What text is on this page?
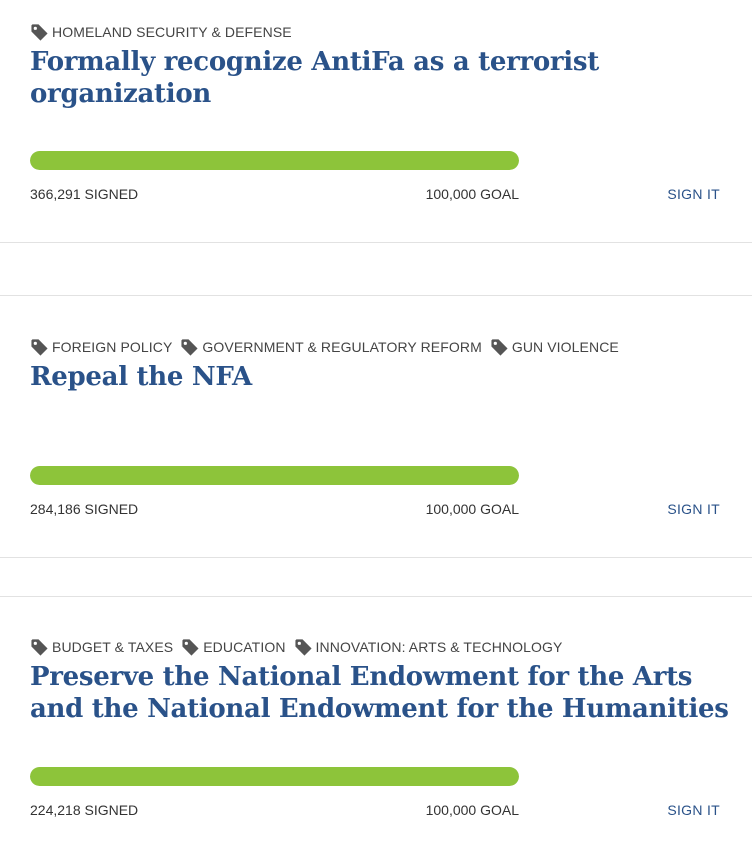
HOMELAND SECURITY & DEFENSE
Formally recognize AntiFa as a terrorist organization
366,291 SIGNED	100,000 GOAL	SIGN IT
FOREIGN POLICY GOVERNMENT & REGULATORY REFORM GUN VIOLENCE
Repeal the NFA
284,186 SIGNED	100,000 GOAL	SIGN IT
BUDGET & TAXES EDUCATION INNOVATION: ARTS & TECHNOLOGY
Preserve the National Endowment for the Arts and the National Endowment for the Humanities
224,218 SIGNED	100,000 GOAL	SIGN IT
